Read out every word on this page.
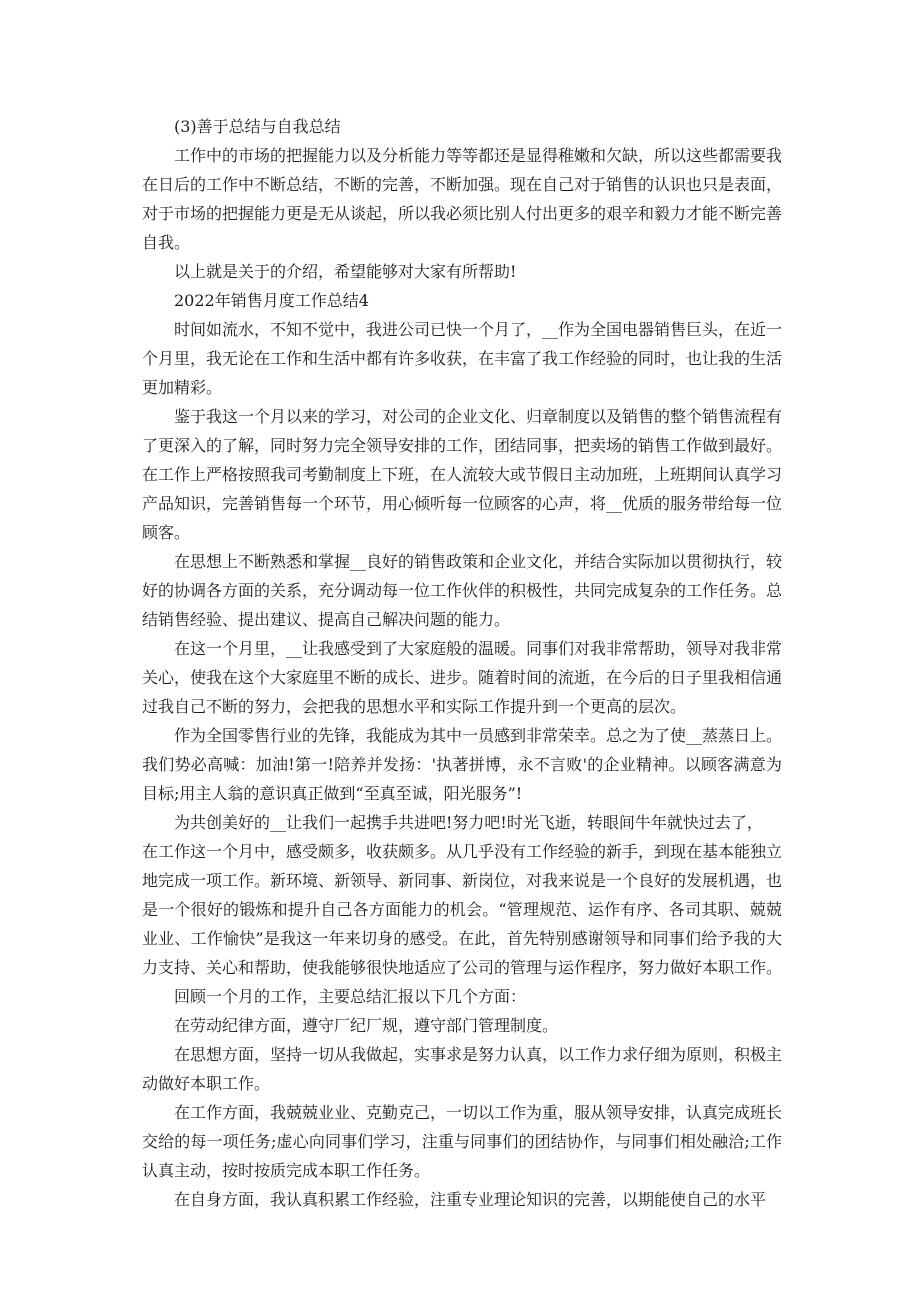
(3)善于总结与自我总结

工作中的市场的把握能力以及分析能力等等都还是显得稚嫩和欠缺，所以这些都需要我在日后的工作中不断总结，不断的完善，不断加强。现在自己对于销售的认识也只是表面，对于市场的把握能力更是无从谈起，所以我必须比别人付出更多的艰辛和毅力才能不断完善自我。

以上就是关于的介绍，希望能够对大家有所帮助!

2022年销售月度工作总结4

时间如流水，不知不觉中，我进公司已快一个月了，__作为全国电器销售巨头，在近一个月里，我无论在工作和生活中都有许多收获，在丰富了我工作经验的同时，也让我的生活更加精彩。

鉴于我这一个月以来的学习，对公司的企业文化、归章制度以及销售的整个销售流程有了更深入的了解，同时努力完全领导安排的工作，团结同事，把卖场的销售工作做到最好。在工作上严格按照我司考勤制度上下班，在人流较大或节假日主动加班，上班期间认真学习产品知识，完善销售每一个环节，用心倾听每一位顾客的心声，将__优质的服务带给每一位顾客。

在思想上不断熟悉和掌握__良好的销售政策和企业文化，并结合实际加以贯彻执行，较好的协调各方面的关系，充分调动每一位工作伙伴的积极性，共同完成复杂的工作任务。总结销售经验、提出建议、提高自己解决问题的能力。

在这一个月里，__让我感受到了大家庭般的温暖。同事们对我非常帮助，领导对我非常关心，使我在这个大家庭里不断的成长、进步。随着时间的流逝，在今后的日子里我相信通过我自己不断的努力，会把我的思想水平和实际工作提升到一个更高的层次。

作为全国零售行业的先锋，我能成为其中一员感到非常荣幸。总之为了使__蒸蒸日上。我们势必高喊：加油!第一!陪养并发扬：'执著拼博，永不言败'的企业精神。以顾客满意为目标;用主人翁的意识真正做到“至真至诚，阳光服务”!

为共创美好的__让我们一起携手共进吧!努力吧!时光飞逝，转眼间牛年就快过去了，

在工作这一个月中，感受颇多，收获颇多。从几乎没有工作经验的新手，到现在基本能独立地完成一项工作。新环境、新领导、新同事、新岗位，对我来说是一个良好的发展机遇，也是一个很好的锻炼和提升自己各方面能力的机会。“管理规范、运作有序、各司其职、兢兢业业、工作愉快”是我这一年来切身的感受。在此，首先特别感谢领导和同事们给予我的大力支持、关心和帮助，使我能够很快地适应了公司的管理与运作程序，努力做好本职工作。

回顾一个月的工作，主要总结汇报以下几个方面：

在劳动纪律方面，遵守厂纪厂规，遵守部门管理制度。

在思想方面，坚持一切从我做起，实事求是努力认真，以工作力求仔细为原则，积极主动做好本职工作。

在工作方面，我兢兢业业、克勤克己，一切以工作为重，服从领导安排，认真完成班长交给的每一项任务;虚心向同事们学习，注重与同事们的团结协作，与同事们相处融洽;工作认真主动，按时按质完成本职工作任务。

在自身方面，我认真积累工作经验，注重专业理论知识的完善，以期能使自己的水平
